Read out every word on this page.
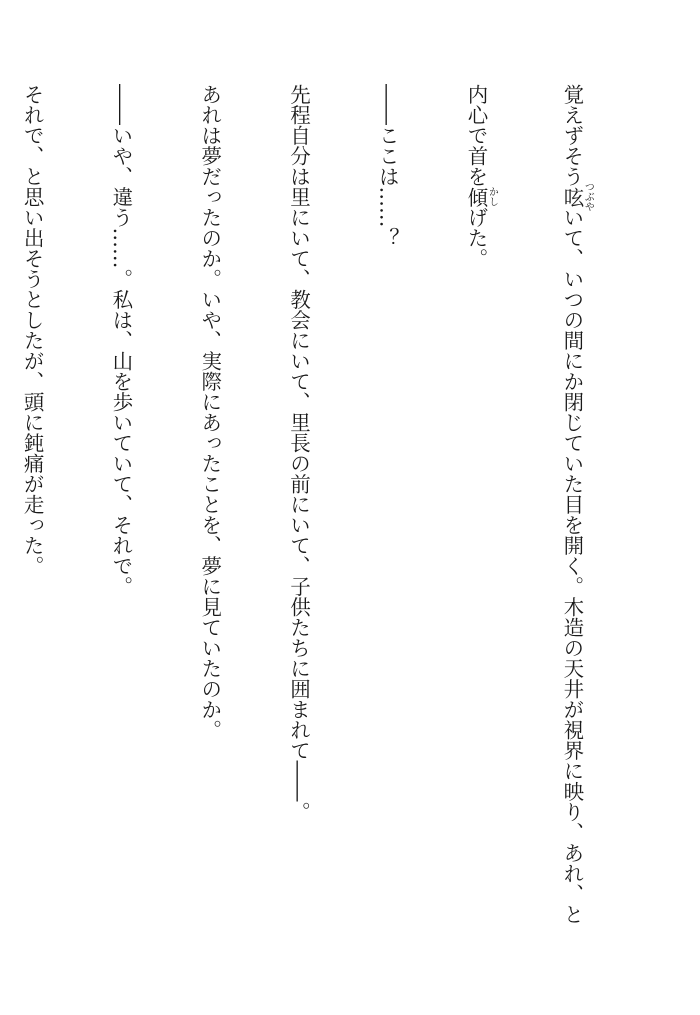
覚えずそう呟つぶやいて、いつの間にか閉じていた目を開く。木造の天井が視界に映り、あれ、と

内心で首を傾かしげた。

――ここは……？

先程自分は里にいて、教会にいて、里長の前にいて、子供たちに囲まれて――。

あれは夢だったのか。いや、実際にあったことを、夢に見ていたのか。

――いや、違う……。私は、山を歩いていて、それで。

それで、と思い出そうとしたが、頭に鈍痛が走った。
